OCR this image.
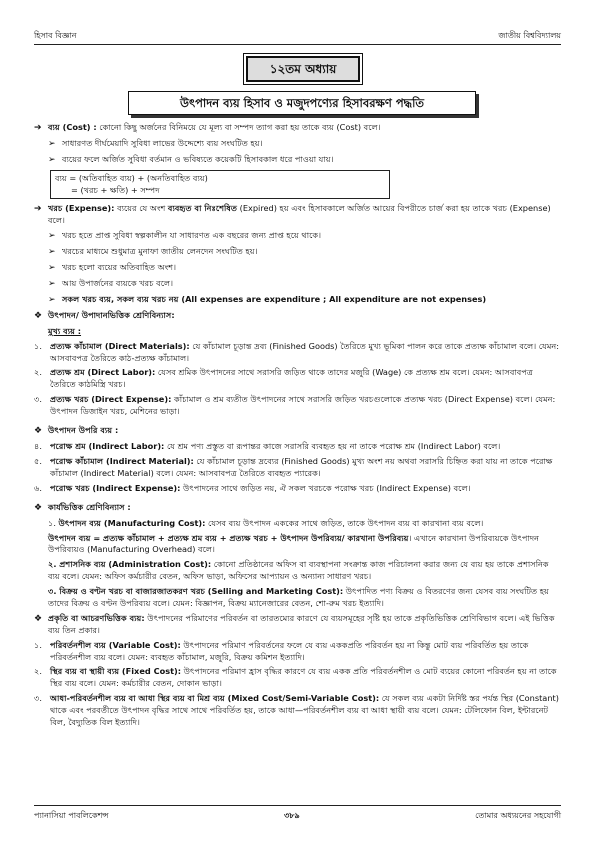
হিসাব বিজ্ঞান	জাতীয় বিশ্ববিদ্যালয়
১২তম অধ্যায়
উৎপাদন ব্যয় হিসাব ও মজুদপণ্যের হিসাবরক্ষণ পদ্ধতি
➔ ব্যয় (Cost) : কোনো কিছু অর্জনের বিনিময়ে যে মূল্য বা সম্পদ ত্যাগ করা হয় তাকে ব্যয় (Cost) বলে।
➢ সাধারণত দীর্ঘমেয়াদি সুবিধা লাভের উদ্দেশ্যে ব্যয় সংঘটিত হয়।
➢ ব্যয়ের ফলে অর্জিত সুবিধা বর্তমান ও ভবিষ্যতে কয়েকটি হিসাবকাল ধরে পাওয়া যায়।
ব্যয় = (অতিবাহিত ব্যয়) + (অনতিবাহিত ব্যয়)
= (খরচ + ক্ষতি) + সম্পদ
➔ খরচ (Expense): ব্যয়ের যে অংশ ব্যবহৃত বা নিঃশেষিত (Expired) হয় এবং হিসাবকালে অর্জিত আয়ের বিপরীতে চার্জ করা হয় তাকে খরচ (Expense) বলে।
➢ খরচ হতে প্রাপ্ত সুবিধা স্বল্পকালীন যা সাধারণত এক বছরের জন্য প্রাপ্ত হয়ে থাকে।
➢ খরচের মাধ্যমে শুধুমাত্র মুনাফা জাতীয় লেনদেন সংঘটিত হয়।
➢ খরচ হলো ব্যয়ের অতিবাহিত অংশ।
➢ আয় উপার্জনের ব্যয়কে খরচ বলে।
➢ সকল খরচ ব্যয়, সকল ব্যয় খরচ নয় (All expenses are expenditure ; All expenditure are not expenses)
❖ উৎপাদন/ উপাদানভিত্তিক শ্রেণিবিন্যাস:
মুখ্য ব্যয় :
১. প্রত্যক্ষ কাঁচামাল (Direct Materials): যে কাঁচামাল চূড়ান্ত দ্রব্য (Finished Goods) তৈরিতে মুখ্য ভূমিকা পালন করে তাকে প্রত্যক্ষ কাঁচামাল বলে। যেমন: আসবাবপত্র তৈরিতে কাঠ-প্রত্যক্ষ কাঁচামাল।
২. প্রত্যক্ষ শ্রম (Direct Labor): যেসব শ্রমিক উৎপাদনের সাথে সরাসরি জড়িত থাকে তাদের মজুরি (Wage) কে প্রত্যক্ষ শ্রম বলে। যেমন: আসবাবপত্র তৈরিতে কাঠমিস্ত্রি খরচ।
৩. প্রত্যক্ষ খরচ (Direct Expense): কাঁচামাল ও শ্রম ব্যতীত উৎপাদনের সাথে সরাসরি জড়িত খরচগুলোকে প্রত্যক্ষ খরচ (Direct Expense) বলে। যেমন: উৎপাদন ডিজাইন খরচ, মেশিনের ভাড়া।
❖ উৎপাদন উপরি ব্যয় :
৪. পরোক্ষ শ্রম (Indirect Labor): যে শ্রম পণ্য প্রস্তুত বা রূপান্তর কাজে সরাসরি ব্যবহৃত হয় না তাকে পরোক্ষ শ্রম (Indirect Labor) বলে।
৫. পরোক্ষ কাঁচামাল (Indirect Material): যে কাঁচামাল চূড়ান্ত দ্রব্যের (Finished Goods) মুখ্য অংশ নয় অথবা সরাসরি চিহ্নিত করা যায় না তাকে পরোক্ষ কাঁচামাল (Indirect Material) বলে। যেমন: আসবাবপত্র তৈরিতে ব্যবহৃত প্যারেক।
৬. পরোক্ষ খরচ (Indirect Expense): উৎপাদনের সাথে জড়িত নয়, ঐ সকল খরচকে পরোক্ষ খরচ (Indirect Expense) বলে।
❖ কার্যভিত্তিক শ্রেণিবিন্যাস :
১. উৎপাদন ব্যয় (Manufacturing Cost): যেসব ব্যয় উৎপাদন এককের সাথে জড়িত, তাকে উৎপাদন ব্যয় বা কারখানা ব্যয় বলে।
উৎপাদন ব্যয় = প্রত্যক্ষ কাঁচামাল + প্রত্যক্ষ শ্রম ব্যয় + প্রত্যক্ষ খরচ + উৎপাদন উপরিব্যয়/ কারখানা উপরিব্যয়। এখানে কারখানা উপরিব্যয়কে উৎপাদন উপরিব্যয়ও (Manufacturing Overhead) বলে।
২. প্রশাসনিক ব্যয় (Administration Cost): কোনো প্রতিষ্ঠানের অফিস বা ব্যবস্থাপনা সংক্রান্ত কাজ পরিচালনা করার জন্য যে ব্যয় হয় তাকে প্রশাসনিক ব্যয় বলে। যেমন: অফিস কর্মচারীর বেতন, অফিস ভাড়া, অফিসের আপ্যায়ন ও অন্যান্য সাধারণ খরচ।
৩. বিক্রয় ও বণ্টন খরচ বা বাজারজাতকরণ খরচ (Selling and Marketing Cost): উৎপাদিত পণ্য বিক্রয় ও বিতরণের জন্য যেসব ব্যয় সংঘটিত হয় তাদের বিক্রয় ও বণ্টন উপরিব্যয় বলে। যেমন: বিজ্ঞাপন, বিক্রয় ম্যানেজারের বেতন, শো-রুম খরচ ইত্যাদি।
❖ প্রকৃতি বা আচরণভিত্তিক ব্যয়: উৎপাদনের পরিমাণের পরিবর্তন বা তারতম্যের কারণে যে ব্যয়সমূহের সৃষ্টি হয় তাকে প্রকৃতিভিত্তিক শ্রেণিবিভাগ বলে। এই ভিত্তিক ব্যয় তিন প্রকার।
১. পরিবর্তনশীল ব্যয় (Variable Cost): উৎপাদনের পরিমাণ পরিবর্তনের ফলে যে ব্যয় এককপ্রতি পরিবর্তন হয় না কিন্তু মোট ব্যয় পরিবর্তিত হয় তাকে পরিবর্তনশীল ব্যয় বলে। যেমন: ব্যবহৃত কাঁচামাল, মজুরি, বিক্রয় কমিশন ইত্যাদি।
২. স্থির ব্যয় বা স্থায়ী ব্যয় (Fixed Cost): উৎপাদনের পরিমাণ হ্রাস বৃদ্ধির কারণে যে ব্যয় একক প্রতি পরিবর্তনশীল ও মোট ব্যয়ের কোনো পরিবর্তন হয় না তাকে স্থির ব্যয় বলে। যেমন: কর্মচারীর বেতন, দোকান ভাড়া।
৩. আধা-পরিবর্তনশীল ব্যয় বা আধা স্থির ব্যয় বা মিশ্র ব্যয় (Mixed Cost/Semi-Variable Cost): যে সকল ব্যয় একটা নির্দিষ্ট স্তর পর্যন্ত স্থির (Constant) থাকে এবং পরবর্তীতে উৎপাদন বৃদ্ধির সাথে সাথে পরিবর্তিত হয়, তাকে আধা—পরিবর্তনশীল ব্যয় বা আধা স্থায়ী ব্যয় বলে। যেমন: টেলিফোন বিল, ইন্টারনেট বিল, বৈদ্যুতিক বিল ইত্যাদি।
প্যানাসিয়া পাবলিকেশন্স	৩৮৯	তোমার অধ্যয়নের সহযোগী
